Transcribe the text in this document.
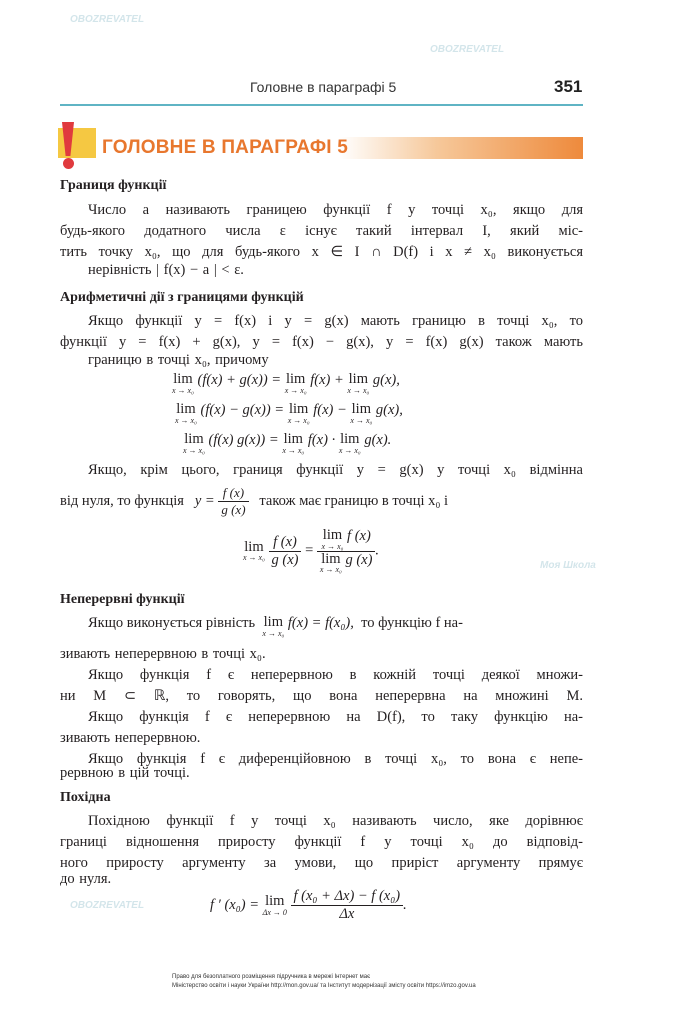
OBOZREVATEL
OBOZREVATEL
Моя Школа
OBOZREVATEL
Головне в параграфі 5	351
ГОЛОВНЕ В ПАРАГРАФІ 5
Границя функції
Число a називають границею функції f у точці x₀, якщо для
будь-якого додатного числа ε існує такий інтервал I, який міс-
тить точку x₀, що для будь-якого x ∈ I ∩ D(f) і x ≠ x₀ виконується
нерівність | f(x) − a | < ε.
Арифметичні дії з границями функцій
Якщо функції y = f(x) і y = g(x) мають границю в точці x₀, то
функції y = f(x) + g(x), y = f(x) − g(x), y = f(x) g(x) також мають
границю в точці x₀, причому
lim
x → x₀
(f(x) + g(x)) = lim
x → x₀
f(x) + lim
x → x₀
g(x),
lim
x → x₀
(f(x) − g(x)) = lim
x → x₀
f(x) − lim
x → x₀
g(x),
lim
x → x₀
(f(x) g(x)) = lim
x → x₀
f(x) · lim
x → x₀
g(x).
Якщо, крім цього, границя функції y = g(x) у точці x₀ відмінна
від нуля, то функція $y = \frac{f (x)}{g (x)}$ також має границю в точці x₀ і
lim
x → x₀
$\frac{f (x)}{g (x)} = \lim$
x → x₀
f (x)
lim
x → x₀
g (x) .
Неперервні функції
Якщо виконується рівність lim
x → x₀
f(x) = f(x₀), то функцію f на-
зивають неперервною в точці x₀.
Якщо функція f є неперервною в кожній точці деякої множи-
ни M ⊂ ℝ, то говорять, що вона неперервна на множині M.
Якщо функція f є неперервною на D(f), то таку функцію на-
зивають неперервною.
Якщо функція f є диференційовною в точці x₀, то вона є непе-
рервною в цій точці.
Похідна
Похідною функції f у точці x₀ називають число, яке дорівнює
границі відношення приросту функції f у точці x₀ до відповід-
ного приросту аргументу за умови, що приріст аргументу прямує
до нуля.
f ′ (x₀) = lim
Δx → 0
$\frac{\text{f (x₀ + Δx) − f (x₀)}}{\Delta x}$ .
Право для безоплатного розміщення підручника в мережі Інтернет має
Міністерство освіти і науки України http://mon.gov.ua/ та Інститут модернізації змісту освіти https://imzo.gov.ua
